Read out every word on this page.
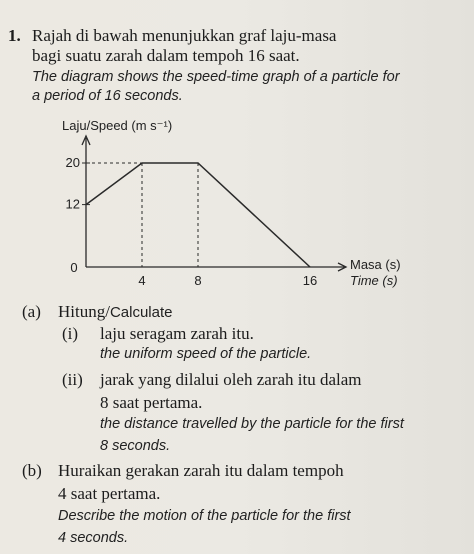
1. Rajah di bawah menunjukkan graf laju-masa
bagi suatu zarah dalam tempoh 16 saat.
The diagram shows the speed-time graph of a particle for
a period of 16 seconds.
12
20
0
4	8	16
Laju/Speed (m s⁻¹)
Masa (s)
Time (s)
(a) Hitung/Calculate
(i) laju seragam zarah itu.
the uniform speed of the particle.
(ii) jarak yang dilalui oleh zarah itu dalam
8 saat pertama.
the distance travelled by the particle for the first
8 seconds.
(b) Huraikan gerakan zarah itu dalam tempoh
4 saat pertama.
Describe the motion of the particle for the first
4 seconds.
